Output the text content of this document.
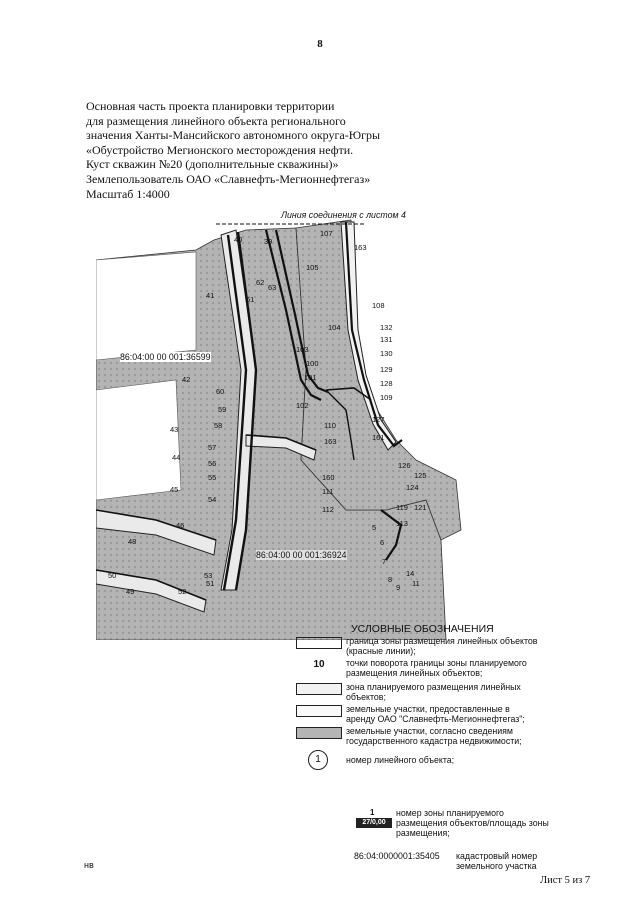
8
Основная часть проекта планировки территории
для размещения линейного объекта регионального
значения Ханты-Мансийского автономного округа-Югры
«Обустройство Мегионского месторождения нефти.
Куст скважин №20 (дополнительные скважины)»
Землепользователь ОАО «Славнефть-Мегионнефтегаз»
Масштаб 1:4000
40	39
107
163
105
41
62
63
61
108
132
104
131
130
103
100
101
129
128
42
102
109
60
59
58	110
163
127
43
161
57
44
56	126
55	160	125
45	111	124
54
112	119 121
46	113
5
6
48
53
7
14
8	11
9
50
49	52
51
Линия соединения с листом 4
86:04:00 00 001:36599
86:04:00 00 001:36924
УСЛОВНЫЕ ОБОЗНАЧЕНИЯ
граница зоны размещения линейных объектов (красные линии);
10	точки поворота границы зоны планируемого размещения линейных объектов;
зона планируемого размещения линейных объектов;
земельные участки, предоставленные в аренду ОАО "Славнефть-Мегионнефтегаз";
земельные участки, согласно сведениям государственного кадастра недвижимости;
1	номер линейного объекта;
1
27/0,00
номер зоны планируемого размещения объектов/площадь зоны размещения;
86:04:0000001:35405 кадастровый номер земельного участка
нв
Лист 5 из 7
